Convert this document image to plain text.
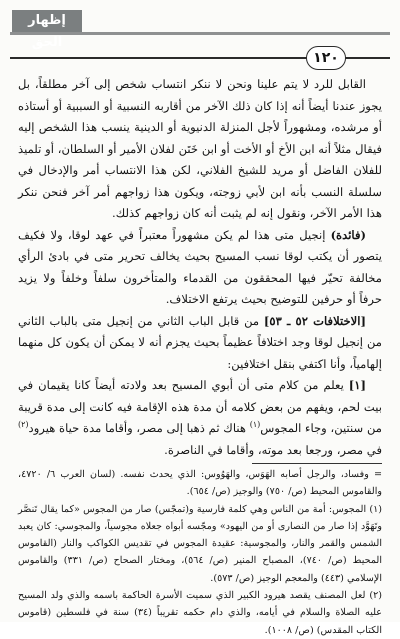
إظهار الحق
١٢٠

القابل للرد لا يتم علينا ونحن لا ننكر انتساب شخص إلى آخر مطلقاً، بل يجوز عندنا أيضاً أنه إذا كان ذلك الآخر من أقاربه النسبية أو السببية أو أستاذه أو مرشده، ومشهوراً لأجل المنزلة الدنيوية أو الدينية ينسب هذا الشخص إليه فيقال مثلاً أنه ابن الأخ أو الأخت أو ابن خَتَن لفلان الأمير أو السلطان، أو تلميذ للفلان الفاضل أو مريد للشيخ الفلاني، لكن هذا الانتساب أمر والإدخال في سلسلة النسب بأنه ابن لأبي زوجته، ويكون هذا زواجهم أمر آخر فنحن ننكر هذا الأمر الآخر، ونقول إنه لم يثبت أنه كان زواجهم كذلك.

(فائدة) إنجيل متى هذا لم يكن مشهوراً معتبراً في عهد لوقا، ولا فكيف يتصور أن يكتب لوقا نسب المسيح بحيث يخالف تحرير متى في بادئ الرأي مخالفة تحيّر فيها المحققون من القدماء والمتأخرون سلفاً وخلفاً ولا يزيد حرفاً أو حرفين للتوضيح بحيث يرتفع الاختلاف.

[الاختلافات ٥٢ ـ ٥٣] من قابل الباب الثاني من إنجيل متى بالباب الثاني من إنجيل لوقا وجد اختلافاً عظيماً بحيث يجزم أنه لا يمكن أن يكون كل منهما إلهامياً، وأنا اكتفي بنقل اختلافين:

[١] يعلم من كلام متى أن أبوي المسيح بعد ولادته أيضاً كانا يقيمان في بيت لحم، ويفهم من بعض كلامه أن مدة هذه الإقامة فيه كانت إلى مدة قريبة من سنتين، وجاء المجوس$^{(١)}$ هناك ثم ذهبا إلى مصر، وأقاما مدة حياة هيرود$^{(٢)}$ في مصر، ورجعا بعد موته، وأقاما في الناصرة.

= وفساد، والرجل أصابه الهَوَس، والهَوُوس: الذي يحدث نفسه. (لسان العرب ٦/ ٤٧٢٠، والقاموس المحيط (ص/ ٧٥٠) والوجيز (ص/ ٦٥٤).

(١) المجوس: أمة من الناس وهي كلمة فارسية و(تمجّس) صار من المجوس «كما يقال تَنصَّر وتَهَوَّد إذا صار من النصارى أو من اليهود» ومجّسه أبواه جعلاه مجوسياً، والمجوسي: كان يعبد الشمس والقمر والنار، والمجوسية: عقيدة المجوس في تقديس الكواكب والنار (القاموس المحيط (ص/ ٧٤٠)، المصباح المنير (ص/ ٥٦٤)، ومختار الصحاح (ص/ ٣٣١) والقاموس الإسلامي (٤٤٣) والمعجم الوجيز (ص/ ٥٧٣).

(٢) لعل المصنف يقصد هيرود الكبير الذي سميت الأسرة الحاكمة باسمه والذي ولد المسيح عليه الصلاة والسلام في أيامه، والذي دام حكمه تقريباً (٣٤) سنة في فلسطين (قاموس الكتاب المقدس) (ص/ ١٠٠٨).
